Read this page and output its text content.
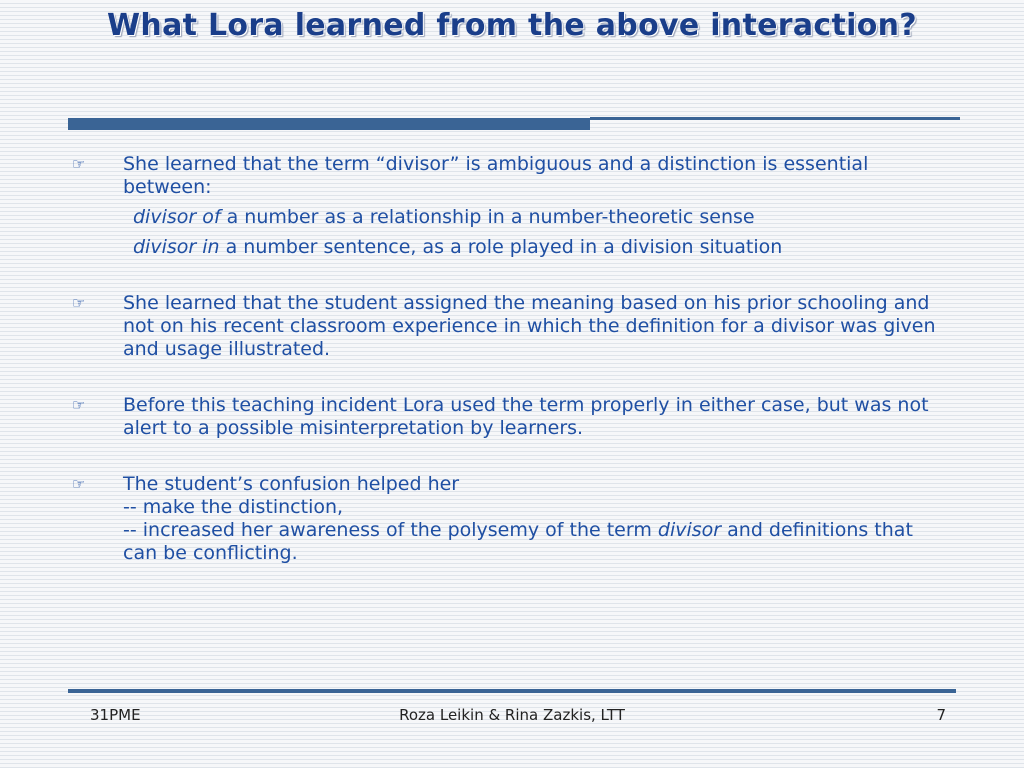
What Lora learned from the above interaction?
☞ She learned that the term “divisor” is ambiguous and a distinction is essential between:
divisor of a number as a relationship in a number-theoretic sense
divisor in a number sentence, as a role played in a division situation
☞ She learned that the student assigned the meaning based on his prior schooling and not on his recent classroom experience in which the definition for a divisor was given and usage illustrated.
☞ Before this teaching incident Lora used the term properly in either case, but was not alert to a possible misinterpretation by learners.
☞ The student’s confusion helped her
-- make the distinction,
-- increased her awareness of the polysemy of the term divisor and definitions that can be conflicting.
31PME	Roza Leikin & Rina Zazkis, LTT	7
